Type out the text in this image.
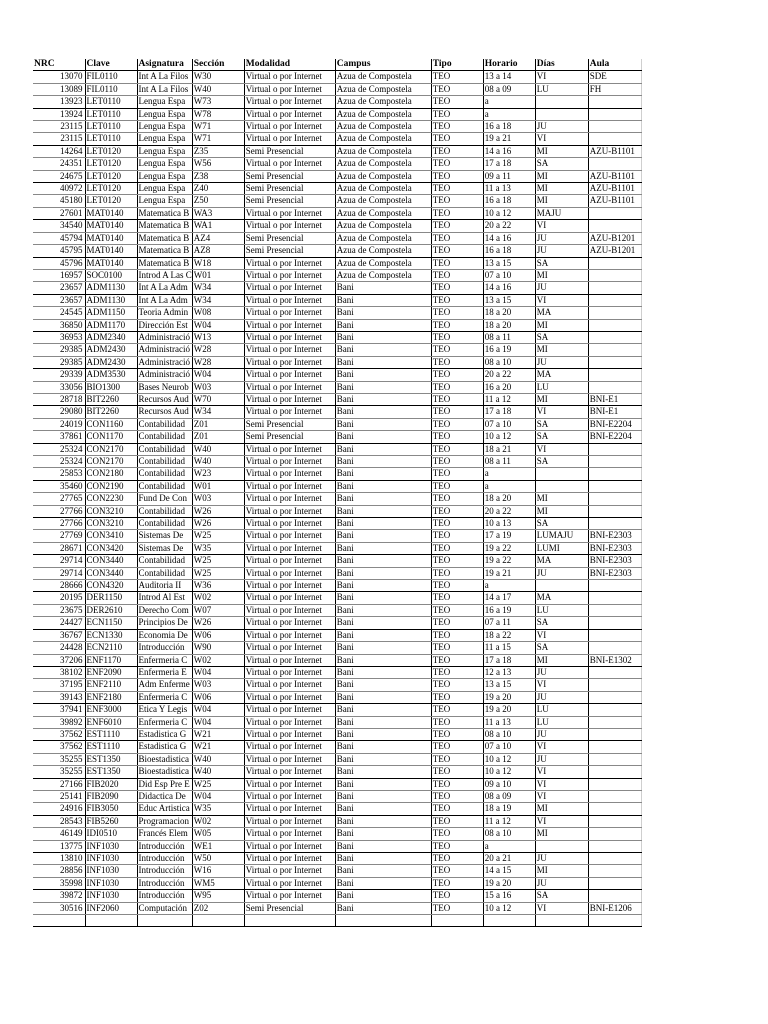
NRC	Clave	Asignatura	Sección	Modalidad	Campus	Tipo	Horario	Días	Aula
13070	FIL0110	Int A La Filos	W30	Virtual o por Internet	Azua de Compostela	TEO	13 a 14	VI	SDE
13089	FIL0110	Int A La Filos	W40	Virtual o por Internet	Azua de Compostela	TEO	08 a 09	LU	FH
13923	LET0110	Lengua Espa	W73	Virtual o por Internet	Azua de Compostela	TEO	a		
13924	LET0110	Lengua Espa	W78	Virtual o por Internet	Azua de Compostela	TEO	a		
23115	LET0110	Lengua Espa	W71	Virtual o por Internet	Azua de Compostela	TEO	16 a 18	JU	
23115	LET0110	Lengua Espa	W71	Virtual o por Internet	Azua de Compostela	TEO	19 a 21	VI	
14264	LET0120	Lengua Espa	Z35	Semi Presencial	Azua de Compostela	TEO	14 a 16	MI	AZU-B1101
24351	LET0120	Lengua Espa	W56	Virtual o por Internet	Azua de Compostela	TEO	17 a 18	SA	
24675	LET0120	Lengua Espa	Z38	Semi Presencial	Azua de Compostela	TEO	09 a 11	MI	AZU-B1101
40972	LET0120	Lengua Espa	Z40	Semi Presencial	Azua de Compostela	TEO	11 a 13	MI	AZU-B1101
45180	LET0120	Lengua Espa	Z50	Semi Presencial	Azua de Compostela	TEO	16 a 18	MI	AZU-B1101
27601	MAT0140	Matematica B	WA3	Virtual o por Internet	Azua de Compostela	TEO	10 a 12	MAJU	
34540	MAT0140	Matematica B	WA1	Virtual o por Internet	Azua de Compostela	TEO	20 a 22	VI	
45794	MAT0140	Matematica B	AZ4	Semi Presencial	Azua de Compostela	TEO	14 a 16	JU	AZU-B1201
45795	MAT0140	Matematica B	AZ8	Semi Presencial	Azua de Compostela	TEO	16 a 18	JU	AZU-B1201
45796	MAT0140	Matematica B	W18	Virtual o por Internet	Azua de Compostela	TEO	13 a 15	SA	
16957	SOC0100	Introd A Las C	W01	Virtual o por Internet	Azua de Compostela	TEO	07 a 10	MI	
23657	ADM1130	Int A La Adm	W34	Virtual o por Internet	Bani	TEO	14 a 16	JU	
23657	ADM1130	Int A La Adm	W34	Virtual o por Internet	Bani	TEO	13 a 15	VI	
24545	ADM1150	Teoria Admin	W08	Virtual o por Internet	Bani	TEO	18 a 20	MA	
36850	ADM1170	Dirección Est	W04	Virtual o por Internet	Bani	TEO	18 a 20	MI	
36953	ADM2340	Administració	W13	Virtual o por Internet	Bani	TEO	08 a 11	SA	
29385	ADM2430	Administració	W28	Virtual o por Internet	Bani	TEO	16 a 19	MI	
29385	ADM2430	Administració	W28	Virtual o por Internet	Bani	TEO	08 a 10	JU	
29339	ADM3530	Administració	W04	Virtual o por Internet	Bani	TEO	20 a 22	MA	
33056	BIO1300	Bases Neurob	W03	Virtual o por Internet	Bani	TEO	16 a 20	LU	
28718	BIT2260	Recursos Aud	W70	Virtual o por Internet	Bani	TEO	11 a 12	MI	BNI-E1
29080	BIT2260	Recursos Aud	W34	Virtual o por Internet	Bani	TEO	17 a 18	VI	BNI-E1
24019	CON1160	Contabilidad	Z01	Semi Presencial	Bani	TEO	07 a 10	SA	BNI-E2204
37861	CON1170	Contabilidad	Z01	Semi Presencial	Bani	TEO	10 a 12	SA	BNI-E2204
25324	CON2170	Contabilidad	W40	Virtual o por Internet	Bani	TEO	18 a 21	VI	
25324	CON2170	Contabilidad	W40	Virtual o por Internet	Bani	TEO	08 a 11	SA	
25853	CON2180	Contabilidad	W23	Virtual o por Internet	Bani	TEO	a		
35460	CON2190	Contabilidad	W01	Virtual o por Internet	Bani	TEO	a		
27765	CON2230	Fund De Con	W03	Virtual o por Internet	Bani	TEO	18 a 20	MI	
27766	CON3210	Contabilidad	W26	Virtual o por Internet	Bani	TEO	20 a 22	MI	
27766	CON3210	Contabilidad	W26	Virtual o por Internet	Bani	TEO	10 a 13	SA	
27769	CON3410	Sistemas De	W25	Virtual o por Internet	Bani	TEO	17 a 19	LUMAJU	BNI-E2303
28671	CON3420	Sistemas De	W35	Virtual o por Internet	Bani	TEO	19 a 22	LUMI	BNI-E2303
29714	CON3440	Contabilidad	W25	Virtual o por Internet	Bani	TEO	19 a 22	MA	BNI-E2303
29714	CON3440	Contabilidad	W25	Virtual o por Internet	Bani	TEO	19 a 21	JU	BNI-E2303
28666	CON4320	Auditoria II	W36	Virtual o por Internet	Bani	TEO	a		
20195	DER1150	Introd Al Est	W02	Virtual o por Internet	Bani	TEO	14 a 17	MA	
23675	DER2610	Derecho Com	W07	Virtual o por Internet	Bani	TEO	16 a 19	LU	
24427	ECN1150	Principios De	W26	Virtual o por Internet	Bani	TEO	07 a 11	SA	
36767	ECN1330	Economia De	W06	Virtual o por Internet	Bani	TEO	18 a 22	VI	
24428	ECN2110	Introducción	W90	Virtual o por Internet	Bani	TEO	11 a 15	SA	
37206	ENF1170	Enfermeria C	W02	Virtual o por Internet	Bani	TEO	17 a 18	MI	BNI-E1302
38102	ENF2090	Enfermeria E	W04	Virtual o por Internet	Bani	TEO	12 a 13	JU	
37195	ENF2110	Adm Enferme	W03	Virtual o por Internet	Bani	TEO	13 a 15	VI	
39143	ENF2180	Enfermeria C	W06	Virtual o por Internet	Bani	TEO	19 a 20	JU	
37941	ENF3000	Etica Y Legis	W04	Virtual o por Internet	Bani	TEO	19 a 20	LU	
39892	ENF6010	Enfermeria C	W04	Virtual o por Internet	Bani	TEO	11 a 13	LU	
37562	EST1110	Estadistica G	W21	Virtual o por Internet	Bani	TEO	08 a 10	JU	
37562	EST1110	Estadistica G	W21	Virtual o por Internet	Bani	TEO	07 a 10	VI	
35255	EST1350	Bioestadistica	W40	Virtual o por Internet	Bani	TEO	10 a 12	JU	
35255	EST1350	Bioestadistica	W40	Virtual o por Internet	Bani	TEO	10 a 12	VI	
27166	FIB2020	Did Esp Pre E	W25	Virtual o por Internet	Bani	TEO	09 a 10	VI	
25141	FIB2090	Didactica De	W04	Virtual o por Internet	Bani	TEO	08 a 09	VI	
24916	FIB3050	Educ Artistica	W35	Virtual o por Internet	Bani	TEO	18 a 19	MI	
28543	FIB5260	Programacion	W02	Virtual o por Internet	Bani	TEO	11 a 12	VI	
46149	IDI0510	Francés Elem	W05	Virtual o por Internet	Bani	TEO	08 a 10	MI	
13775	INF1030	Introducción	WE1	Virtual o por Internet	Bani	TEO	a		
13810	INF1030	Introducción	W50	Virtual o por Internet	Bani	TEO	20 a 21	JU	
28856	INF1030	Introducción	W16	Virtual o por Internet	Bani	TEO	14 a 15	MI	
35998	INF1030	Introducción	WM5	Virtual o por Internet	Bani	TEO	19 a 20	JU	
39872	INF1030	Introducción	W95	Virtual o por Internet	Bani	TEO	15 a 16	SA	
30516	INF2060	Computación	Z02	Semi Presencial	Bani	TEO	10 a 12	VI	BNI-E1206
